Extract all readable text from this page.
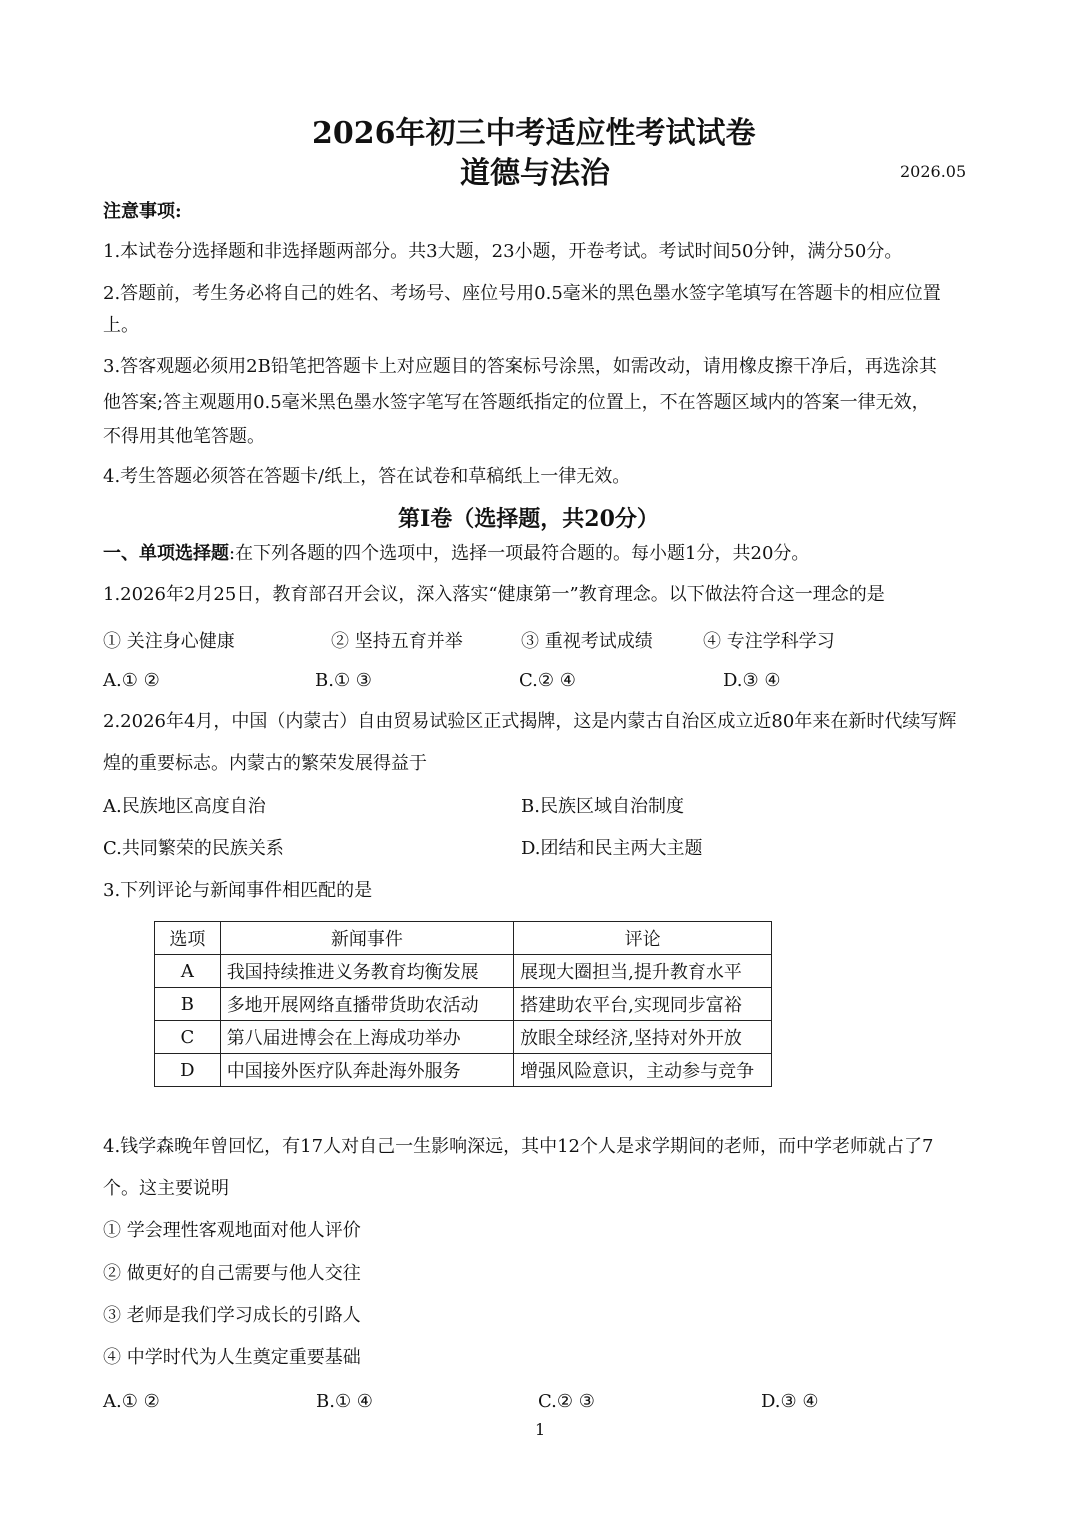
2026年初三中考适应性考试试卷
道德与法治	2026.05
注意事项:
1.本试卷分选择题和非选择题两部分。共3大题，23小题，开卷考试。考试时间50分钟，满分50分。
2.答题前，考生务必将自己的姓名、考场号、座位号用0.5毫米的黑色墨水签字笔填写在答题卡的相应位置
上。
3.答客观题必须用2B铅笔把答题卡上对应题目的答案标号涂黑，如需改动，请用橡皮擦干净后，再选涂其
他答案;答主观题用0.5毫米黑色墨水签字笔写在答题纸指定的位置上，不在答题区域内的答案一律无效，
不得用其他笔答题。
4.考生答题必须答在答题卡/纸上，答在试卷和草稿纸上一律无效。
第I卷（选择题，共20分）
一、单项选择题:在下列各题的四个选项中，选择一项最符合题的。每小题1分，共20分。
1.2026年2月25日，教育部召开会议，深入落实“健康第一”教育理念。以下做法符合这一理念的是
① 关注身心健康	② 坚持五育并举	③ 重视考试成绩	④ 专注学科学习
A.① ②	B.① ③	C.② ④	D.③ ④
2.2026年4月，中国（内蒙古）自由贸易试验区正式揭牌，这是内蒙古自治区成立近80年来在新时代续写辉
煌的重要标志。内蒙古的繁荣发展得益于
A.民族地区高度自治	B.民族区域自治制度
C.共同繁荣的民族关系	D.团结和民主两大主题
3.下列评论与新闻事件相匹配的是
选项	新闻事件	评论
A	我国持续推进义务教育均衡发展	展现大圈担当,提升教育水平
B	多地开展网络直播带货助农活动	搭建助农平台,实现同步富裕
C	第八届进博会在上海成功举办	放眼全球经济,坚持对外开放
D	中国接外医疗队奔赴海外服务	增强风险意识，主动参与竞争
4.钱学森晚年曾回忆，有17人对自己一生影响深远，其中12个人是求学期间的老师，而中学老师就占了7
个。这主要说明
① 学会理性客观地面对他人评价
② 做更好的自己需要与他人交往
③ 老师是我们学习成长的引路人
④ 中学时代为人生奠定重要基础
A.① ②	B.① ④	C.② ③	D.③ ④
1
